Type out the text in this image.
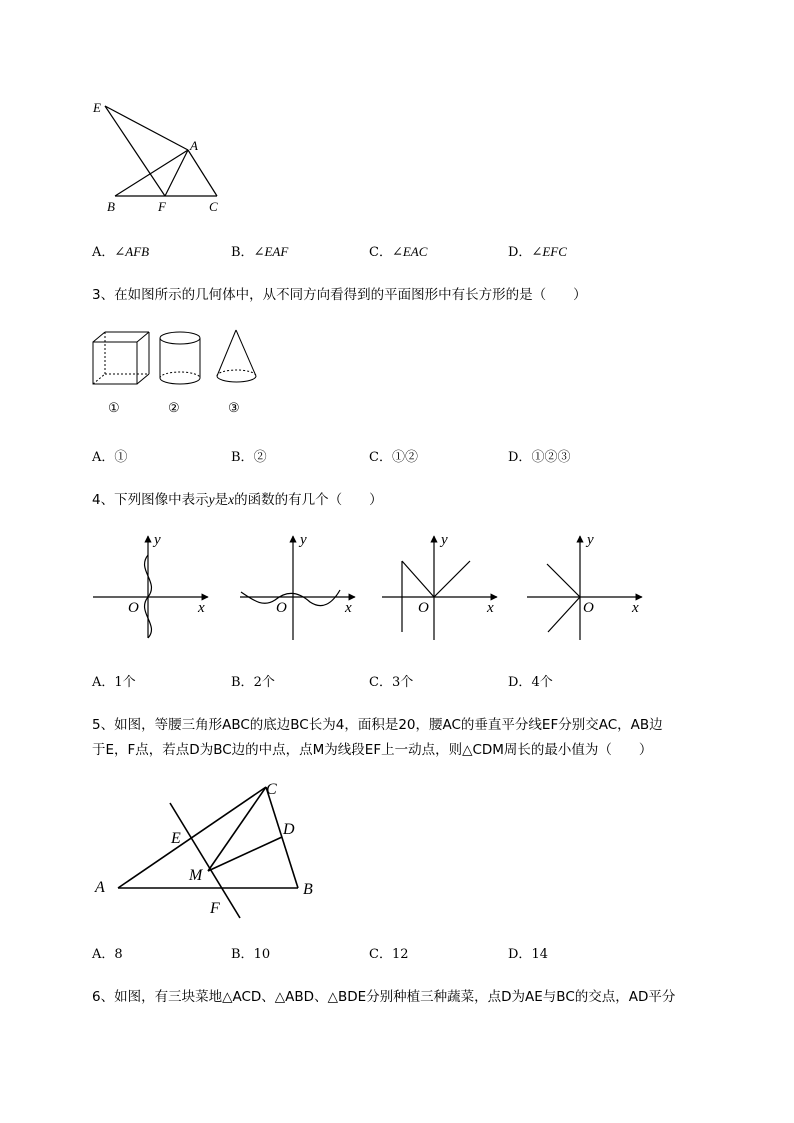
E
A
B	F	C
A．∠AFB	B．∠EAF	C．∠EAC	D．∠EFC
3、在如图所示的几何体中，从不同方向看得到的平面图形中有长方形的是（　　）
①	②	③
A．①	B．②	C．①②	D．①②③
4、下列图像中表示y是x的函数的有几个（　　）
y
x
O
y
x
O
y
x
O
y
x
O
A．1个	B．2个	C．3个	D．4个
5、如图，等腰三角形ABC的底边BC长为4，面积是20，腰AC的垂直平分线EF分别交AC，AB边
于E，F点，若点D为BC边的中点，点M为线段EF上一动点，则△CDM周长的最小值为（　　）
C
D
E
M
A	B
F
A．8	B．10	C．12	D．14
6、如图，有三块菜地△ACD、△ABD、△BDE分别种植三种蔬菜，点D为AE与BC的交点，AD平分
